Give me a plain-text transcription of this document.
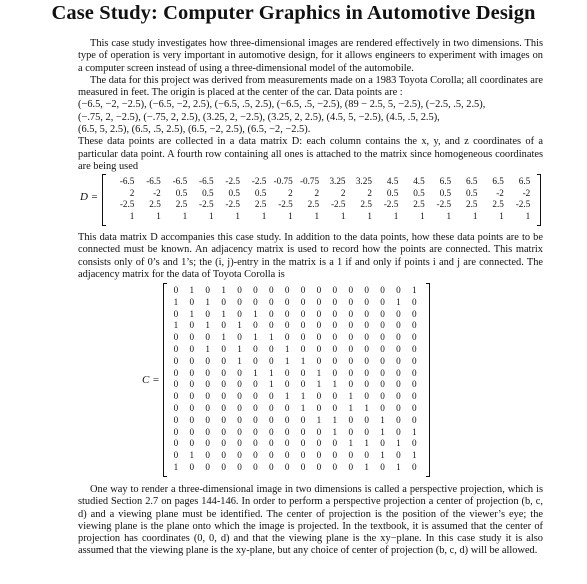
Case Study: Computer Graphics in Automotive Design

This case study investigates how three-dimensional images are rendered effectively in two dimensions. This type of operation is very important in automotive design, for it allows engineers to experiment with images on a computer screen instead of using a three-dimensional model of the automobile.

The data for this project was derived from measurements made on a 1983 Toyota Corolla; all coordinates are measured in feet. The origin is placed at the center of the car. Data points are :

(−6.5, −2, −2.5), (−6.5, −2, 2.5), (−6.5, .5, 2.5), (−6.5, .5, −2.5), (89 − 2.5, 5, −2.5), (−2.5, .5, 2.5),
(−.75, 2, −2.5), (−.75, 2, 2.5), (3.25, 2, −2.5), (3.25, 2, 2.5), (4.5, 5, −2.5), (4.5, .5, 2.5),
(6.5, 5, 2.5), (6.5, .5, 2.5), (6.5, −2, 2.5), (6.5, −2, −2.5).

These data points are collected in a data matrix D: each column contains the x, y, and z coordinates of a particular data point. A fourth row containing all ones is attached to the matrix since homogeneous coordinates are being used

D =
-6.5	-6.5	-6.5	-6.5	-2.5	-2.5	-0.75	-0.75	3.25	3.25	4.5	4.5	6.5	6.5	6.5	6.5
2	-2	0.5	0.5	0.5	0.5	2	2	2	2	0.5	0.5	0.5	0.5	-2	-2
-2.5	2.5	2.5	-2.5	-2.5	2.5	-2.5	2.5	-2.5	2.5	-2.5	2.5	-2.5	2.5	2.5	-2.5
1	1	1	1	1	1	1	1	1	1	1	1	1	1	1	1

This data matrix D accompanies this case study. In addition to the data points, how these data points are to be connected must be known. An adjacency matrix is used to record how the points are connected. This matrix consists only of 0’s and 1’s; the (i, j)-entry in the matrix is a 1 if and only if points i and j are connected. The adjacency matrix for the data of Toyota Corolla is

C =
0	1	0	1	0	0	0	0	0	0	0	0	0	0	0	1
1	0	1	0	0	0	0	0	0	0	0	0	0	0	1	0
0	1	0	1	0	1	0	0	0	0	0	0	0	0	0	0
1	0	1	0	1	0	0	0	0	0	0	0	0	0	0	0
0	0	0	1	0	1	1	0	0	0	0	0	0	0	0	0
0	0	1	0	1	0	0	1	0	0	0	0	0	0	0	0
0	0	0	0	1	0	0	1	1	0	0	0	0	0	0	0
0	0	0	0	0	1	1	0	0	1	0	0	0	0	0	0
0	0	0	0	0	0	1	0	0	1	1	0	0	0	0	0
0	0	0	0	0	0	0	1	1	0	0	1	0	0	0	0
0	0	0	0	0	0	0	0	1	0	0	1	1	0	0	0
0	0	0	0	0	0	0	0	0	1	1	0	0	1	0	0
0	0	0	0	0	0	0	0	0	0	1	0	0	1	0	1
0	0	0	0	0	0	0	0	0	0	0	1	1	0	1	0
0	1	0	0	0	0	0	0	0	0	0	0	0	1	0	1
1	0	0	0	0	0	0	0	0	0	0	0	1	0	1	0

One way to render a three-dimensional image in two dimensions is called a perspective projection, which is studied Section 2.7 on pages 144-146. In order to perform a perspective projection a center of projection (b, c, d) and a viewing plane must be identified. The center of projection is the position of the viewer’s eye; the viewing plane is the plane onto which the image is projected. In the textbook, it is assumed that the center of projection has coordinates (0, 0, d) and that the viewing plane is the xy−plane. In this case study it is also assumed that the viewing plane is the xy-plane, but any choice of center of projection (b, c, d) will be allowed.
